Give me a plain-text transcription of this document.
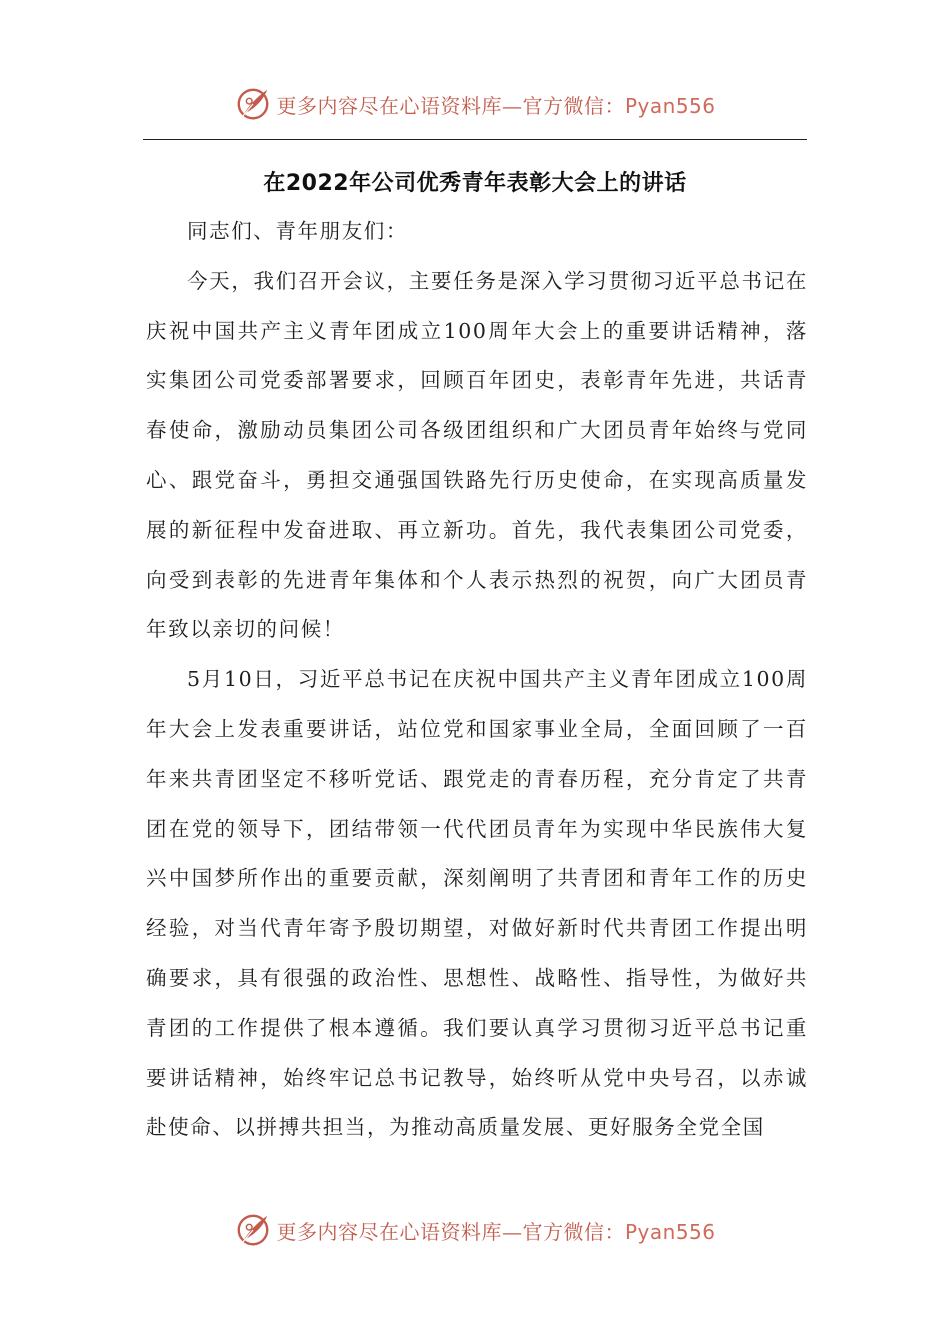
更多内容尽在心语资料库—官方微信：Pyan556
在2022年公司优秀青年表彰大会上的讲话

同志们、青年朋友们：

今天，我们召开会议，主要任务是深入学习贯彻习近平总书记在庆祝中国共产主义青年团成立100周年大会上的重要讲话精神，落实集团公司党委部署要求，回顾百年团史，表彰青年先进，共话青春使命，激励动员集团公司各级团组织和广大团员青年始终与党同心、跟党奋斗，勇担交通强国铁路先行历史使命，在实现高质量发展的新征程中发奋进取、再立新功。首先，我代表集团公司党委，向受到表彰的先进青年集体和个人表示热烈的祝贺，向广大团员青年致以亲切的问候！

5月10日，习近平总书记在庆祝中国共产主义青年团成立100周年大会上发表重要讲话，站位党和国家事业全局，全面回顾了一百年来共青团坚定不移听党话、跟党走的青春历程，充分肯定了共青团在党的领导下，团结带领一代代团员青年为实现中华民族伟大复兴中国梦所作出的重要贡献，深刻阐明了共青团和青年工作的历史经验，对当代青年寄予殷切期望，对做好新时代共青团工作提出明确要求，具有很强的政治性、思想性、战略性、指导性，为做好共青团的工作提供了根本遵循。我们要认真学习贯彻习近平总书记重要讲话精神，始终牢记总书记教导，始终听从党中央号召，以赤诚赴使命、以拼搏共担当，为推动高质量发展、更好服务全党全国

更多内容尽在心语资料库—官方微信：Pyan556
